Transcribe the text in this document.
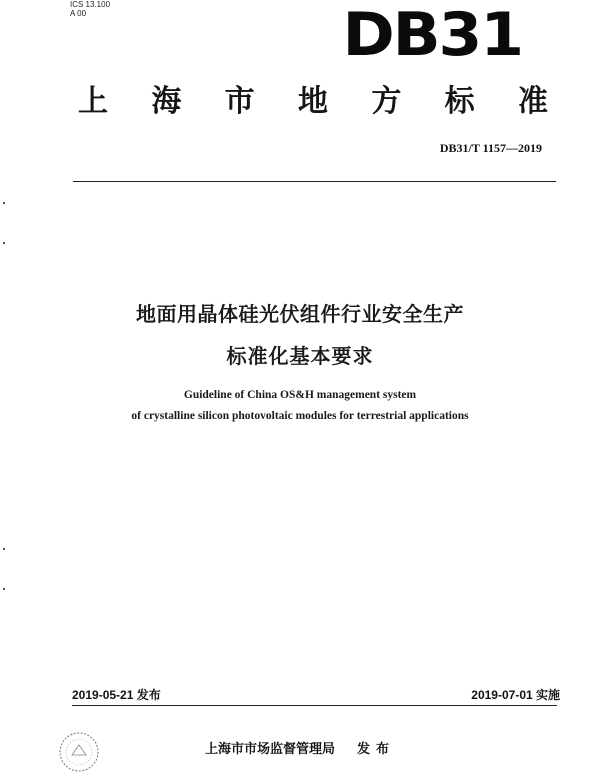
ICS 13.100
A 00	DB31
上 海 市 地 方 标 准
DB31/T 1157—2019
地面用晶体硅光伏组件行业安全生产
标准化基本要求
Guideline of China OS&H management system
of crystalline silicon photovoltaic modules for terrestrial applications
2019-05-21 发布	2019-07-01 实施
上海市市场监督管理局 发布
